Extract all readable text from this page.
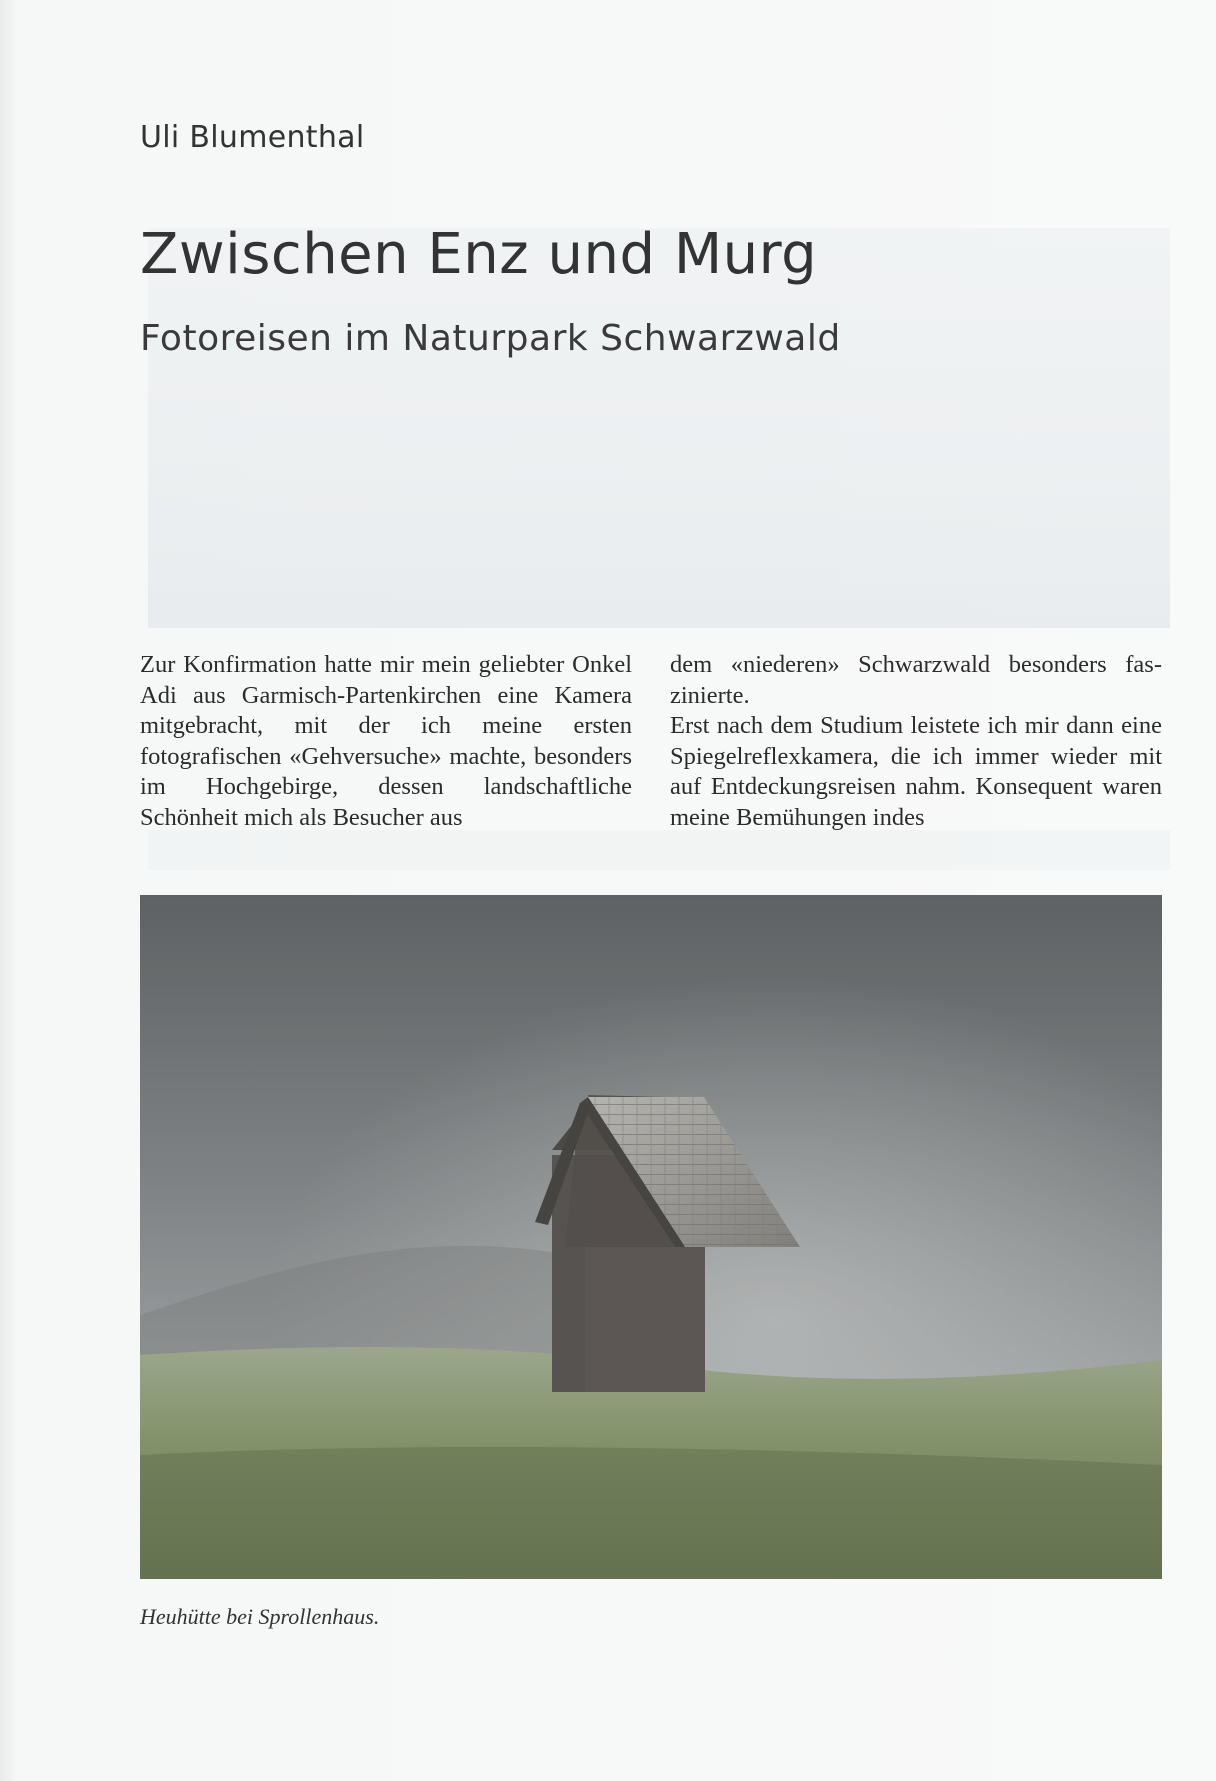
Uli Blumenthal
Zwischen Enz und Murg
Fotoreisen im Naturpark Schwarzwald

Zur Konfirmation hatte mir mein geliebter Onkel Adi aus Garmisch-Partenkirchen eine Kamera mitgebracht, mit der ich meine ersten fotografischen «Gehversuche» machte, besonders im Hochgebirge, dessen landschaftliche Schönheit mich als Besucher aus

dem «niederen» Schwarzwald besonders faszinierte.

Erst nach dem Studium leistete ich mir dann eine Spiegelreflexkamera, die ich immer wieder mit auf Entdeckungsreisen nahm. Konsequent waren meine Bemühungen indes

Heuhütte bei Sprollenhaus.
